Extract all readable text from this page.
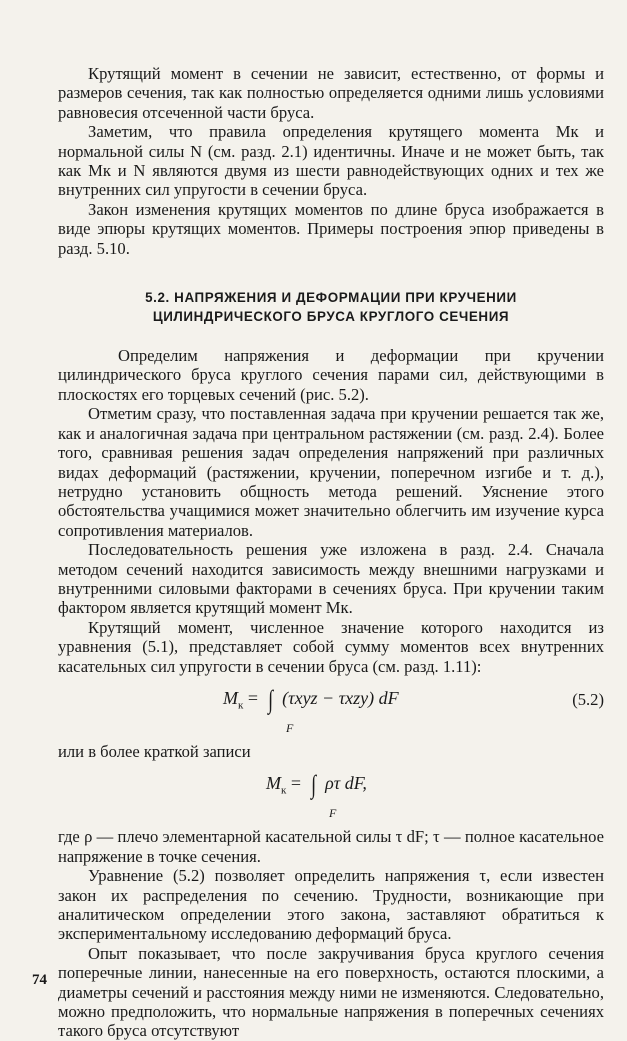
Крутящий момент в сечении не зависит, естественно, от формы и размеров сечения, так как полностью определяется одними лишь условиями равновесия отсеченной части бруса.

Заметим, что правила определения крутящего момента Mк и нормальной силы N (см. разд. 2.1) идентичны. Иначе и не может быть, так как Mк и N являются двумя из шести равнодействующих одних и тех же внутренних сил упругости в сечении бруса.

Закон изменения крутящих моментов по длине бруса изображается в виде эпюры крутящих моментов. Примеры построения эпюр приведены в разд. 5.10.

5.2. НАПРЯЖЕНИЯ И ДЕФОРМАЦИИ ПРИ КРУЧЕНИИ
ЦИЛИНДРИЧЕСКОГО БРУСА КРУГЛОГО СЕЧЕНИЯ

Определим напряжения и деформации при кручении цилиндрического бруса круглого сечения парами сил, действующими в плоскостях его торцевых сечений (рис. 5.2).

Отметим сразу, что поставленная задача при кручении решается так же, как и аналогичная задача при центральном растяжении (см. разд. 2.4). Более того, сравнивая решения задач определения напряжений при различных видах деформаций (растяжении, кручении, поперечном изгибе и т. д.), нетрудно установить общность метода решений. Уяснение этого обстоятельства учащимися может значительно облегчить им изучение курса сопротивления материалов.

Последовательность решения уже изложена в разд. 2.4. Сначала методом сечений находится зависимость между внешними нагрузками и внутренними силовыми факторами в сечениях бруса. При кручении таким фактором является крутящий момент Mк.

Крутящий момент, численное значение которого находится из уравнения (5.1), представляет собой сумму моментов всех внутренних касательных сил упругости в сечении бруса (см. разд. 1.11):

$M_к$ = ∫
F
(τxyz − τxzy) dF	(5.2)

или в более краткой записи

$M_к$ = ∫
F
ρτ dF,

где ρ — плечо элементарной касательной силы τ dF; τ — полное касательное напряжение в точке сечения.

Уравнение (5.2) позволяет определить напряжения τ, если известен закон их распределения по сечению. Трудности, возникающие при аналитическом определении этого закона, заставляют обратиться к экспериментальному исследованию деформаций бруса.

Опыт показывает, что после закручивания бруса круглого сечения поперечные линии, нанесенные на его поверхность, остаются плоскими, а диаметры сечений и расстояния между ними не изменяются. Следовательно, можно предположить, что нормальные напряжения в поперечных сечениях такого бруса отсутствуют

74
